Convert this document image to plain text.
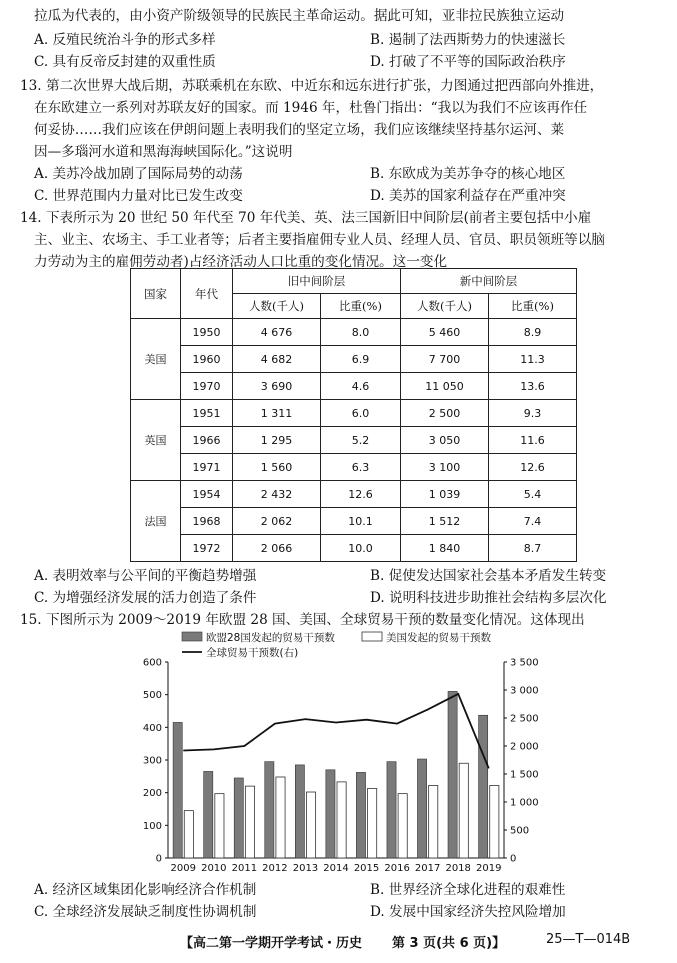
拉瓜为代表的，由小资产阶级领导的民族民主革命运动。据此可知，亚非拉民族独立运动
A. 反殖民统治斗争的形式多样	B. 遏制了法西斯势力的快速滋长
C. 具有反帝反封建的双重性质	D. 打破了不平等的国际政治秩序
13. 第二次世界大战后期，苏联乘机在东欧、中近东和远东进行扩张，力图通过把西部向外推进，
在东欧建立一系列对苏联友好的国家。而 1946 年，杜鲁门指出：“我以为我们不应该再作任
何妥协……我们应该在伊朗问题上表明我们的坚定立场，我们应该继续坚持基尔运河、莱
因—多瑙河水道和黑海海峡国际化。”这说明
A. 美苏冷战加剧了国际局势的动荡	B. 东欧成为美苏争夺的核心地区
C. 世界范围内力量对比已发生改变	D. 美苏的国家利益存在严重冲突
14. 下表所示为 20 世纪 50 年代至 70 年代美、英、法三国新旧中间阶层(前者主要包括中小雇
主、业主、农场主、手工业者等；后者主要指雇佣专业人员、经理人员、官员、职员领班等以脑
力劳动为主的雇佣劳动者)占经济活动人口比重的变化情况。这一变化
国家	年代	旧中间阶层		新中间阶层	
		人数(千人)	比重(%)	人数(千人)	比重(%)
美国	1950	4 676	8.0	5 460	8.9
	1960	4 682	6.9	7 700	11.3
	1970	3 690	4.6	11 050	13.6
英国	1951	1 311	6.0	2 500	9.3
	1966	1 295	5.2	3 050	11.6
	1971	1 560	6.3	3 100	12.6
法国	1954	2 432	12.6	1 039	5.4
	1968	2 062	10.1	1 512	7.4
	1972	2 066	10.0	1 840	8.7
A. 表明效率与公平间的平衡趋势增强	B. 促使发达国家社会基本矛盾发生转变
C. 为增强经济发展的活力创造了条件	D. 说明科技进步助推社会结构多层次化
15. 下图所示为 2009～2019 年欧盟 28 国、美国、全球贸易干预的数量变化情况。这体现出
0
100
200
300
400
500
600
0
500
1 000
1 500
2 000
2 500
3 000
3 500
2009 2010 2011 2012 2013 2014 2015 2016 2017 2018 2019
欧盟28国发起的贸易干预数	美国发起的贸易干预数
全球贸易干预数(右)
A. 经济区域集团化影响经济合作机制	B. 世界经济全球化进程的艰难性
C. 全球经济发展缺乏制度性协调机制	D. 发展中国家经济失控风险增加
【高二第一学期开学考试・历史 第 3 页(共 6 页)】	25—T—014B
